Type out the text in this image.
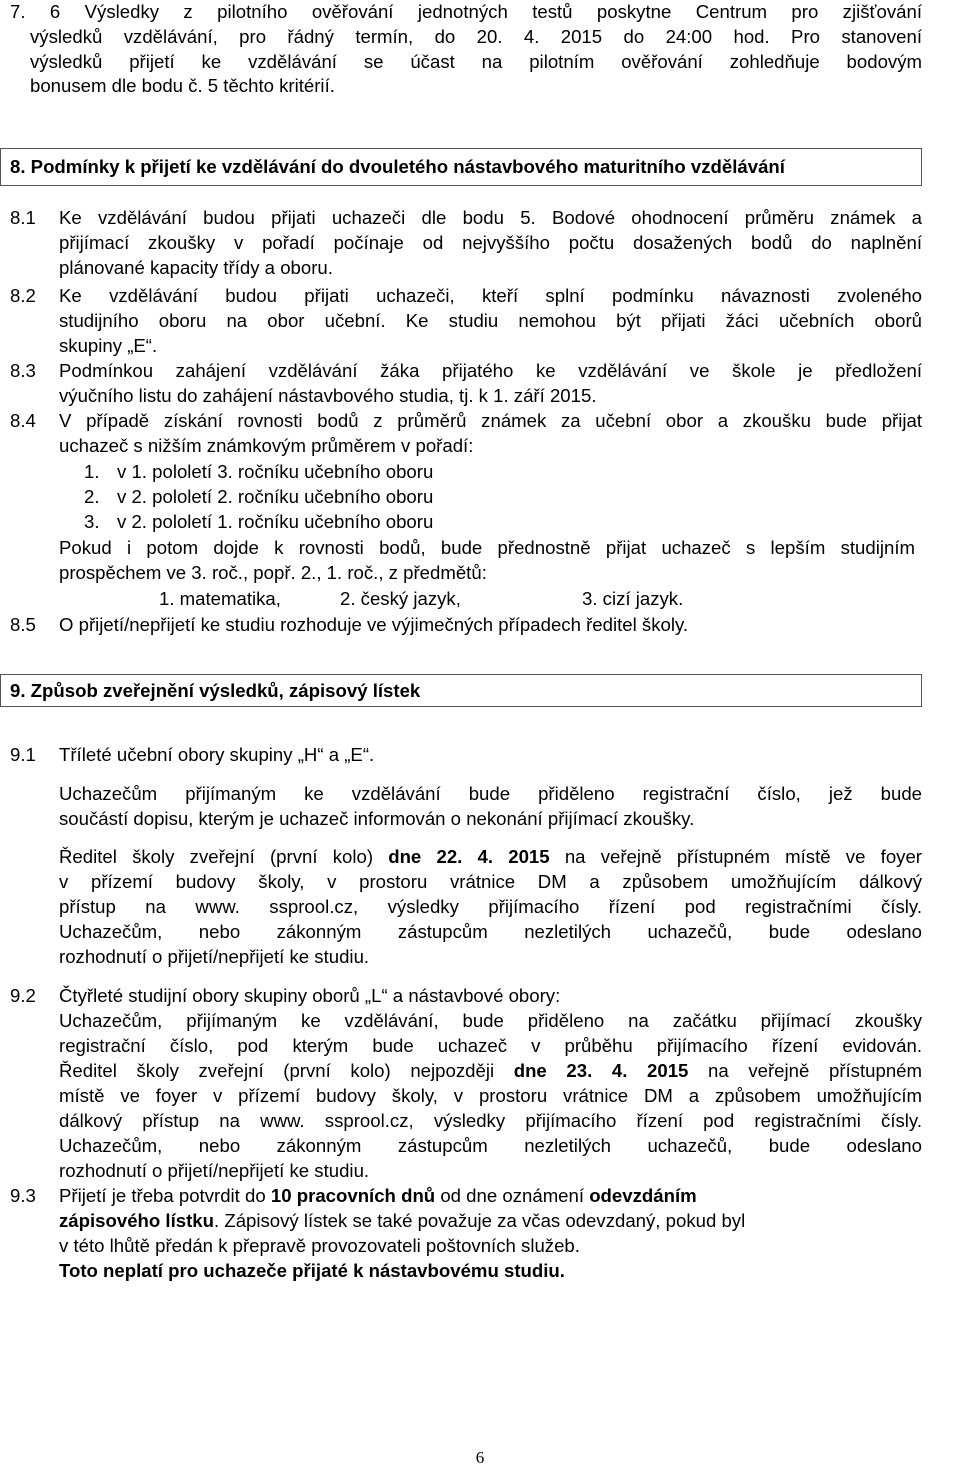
7. 6 Výsledky z pilotního ověřování jednotných testů poskytne Centrum pro zjišťování

výsledků vzdělávání, pro řádný termín, do 20. 4. 2015 do 24:00 hod. Pro stanovení

výsledků přijetí ke vzdělávání se účast na pilotním ověřování zohledňuje bodovým

bonusem dle bodu č. 5 těchto kritérií.

8. Podmínky k přijetí ke vzdělávání do dvouletého nástavbového maturitního vzdělávání
8.1 Ke vzdělávání budou přijati uchazeči dle bodu 5. Bodové ohodnocení průměru známek a

přijímací zkoušky v pořadí počínaje od nejvyššího počtu dosažených bodů do naplnění

plánované kapacity třídy a oboru.

8.2 Ke vzdělávání budou přijati uchazeči, kteří splní podmínku návaznosti zvoleného

studijního oboru na obor učební. Ke studiu nemohou být přijati žáci učebních oborů

skupiny „E“.

8.3 Podmínkou zahájení vzdělávání žáka přijatého ke vzdělávání ve škole je předložení

výučního listu do zahájení nástavbového studia, tj. k 1. září 2015.

8.4 V případě získání rovnosti bodů z průměrů známek za učební obor a zkoušku bude přijat

uchazeč s nižším známkovým průměrem v pořadí:

1. v 1. pololetí 3. ročníku učebního oboru
2. v 2. pololetí 2. ročníku učebního oboru
3. v 2. pololetí 1. ročníku učebního oboru

Pokud i potom dojde k rovnosti bodů, bude přednostně přijat uchazeč s lepším studijním

prospěchem ve 3. roč., popř. 2., 1. roč., z předmětů:

1. matematika,	2. český jazyk,	3. cizí jazyk.
8.5 O přijetí/nepřijetí ke studiu rozhoduje ve výjimečných případech ředitel školy.

9. Způsob zveřejnění výsledků, zápisový lístek
9.1 Tříleté učební obory skupiny „H“ a „E“.

Uchazečům přijímaným ke vzdělávání bude přiděleno registrační číslo, jež bude

součástí dopisu, kterým je uchazeč informován o nekonání přijímací zkoušky.

Ředitel školy zveřejní (první kolo) dne 22. 4. 2015 na veřejně přístupném místě ve foyer

v přízemí budovy školy, v prostoru vrátnice DM a způsobem umožňujícím dálkový

přístup na www. ssprool.cz, výsledky přijímacího řízení pod registračními čísly.

Uchazečům, nebo zákonným zástupcům nezletilých uchazečů, bude odeslano

rozhodnutí o přijetí/nepřijetí ke studiu.

9.2 Čtyřleté studijní obory skupiny oborů „L“ a nástavbové obory:

Uchazečům, přijímaným ke vzdělávání, bude přiděleno na začátku přijímací zkoušky

registrační číslo, pod kterým bude uchazeč v průběhu přijímacího řízení evidován.

Ředitel školy zveřejní (první kolo) nejpozději dne 23. 4. 2015 na veřejně přístupném

místě ve foyer v přízemí budovy školy, v prostoru vrátnice DM a způsobem umožňujícím

dálkový přístup na www. ssprool.cz, výsledky přijímacího řízení pod registračními čísly.

Uchazečům, nebo zákonným zástupcům nezletilých uchazečů, bude odeslano

rozhodnutí o přijetí/nepřijetí ke studiu.

9.3 Přijetí je třeba potvrdit do 10 pracovních dnů od dne oznámení odevzdáním

zápisového lístku. Zápisový lístek se také považuje za včas odevzdaný, pokud byl

v této lhůtě předán k přepravě provozovateli poštovních služeb.

Toto neplatí pro uchazeče přijaté k nástavbovému studiu.

6
